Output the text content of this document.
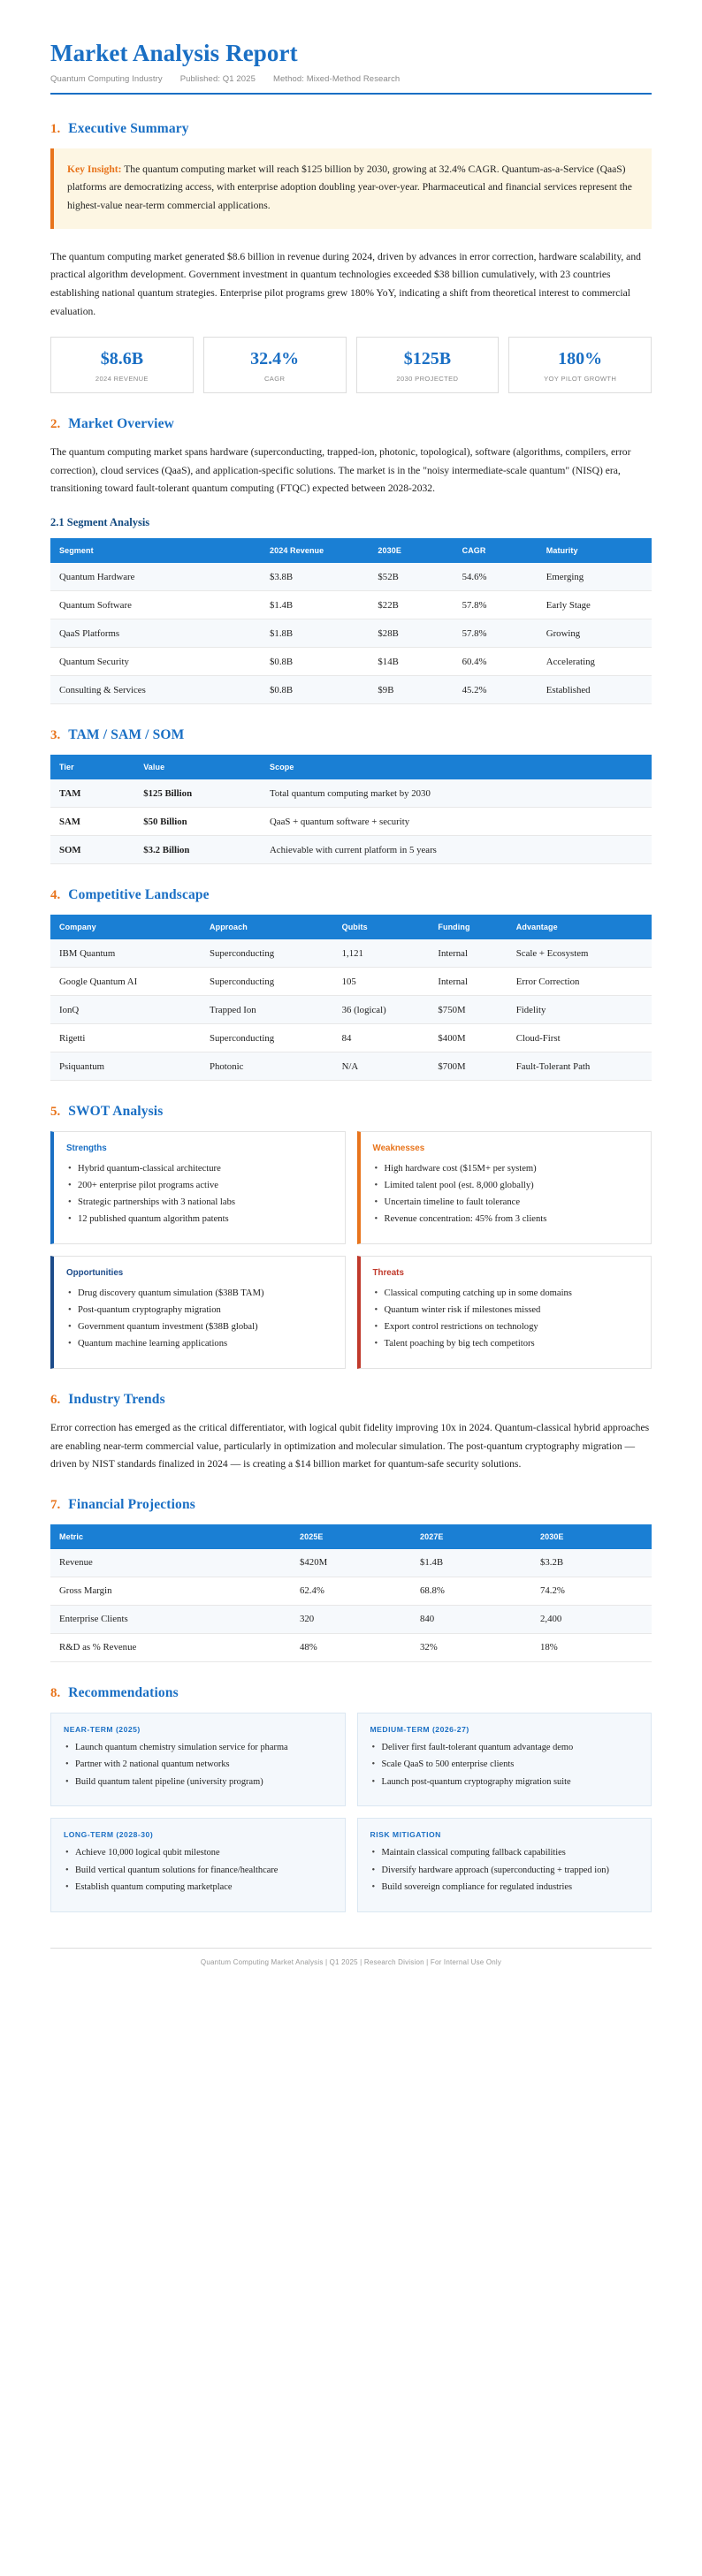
Market Analysis Report
Quantum Computing Industry Published: Q1 2025 Method: Mixed-Method Research
1. Executive Summary
Key Insight: The quantum computing market will reach $125 billion by 2030, growing at 32.4% CAGR. Quantum-as-a-Service (QaaS) platforms are democratizing access, with enterprise adoption doubling year-over-year. Pharmaceutical and financial services represent the highest-value near-term commercial applications.

The quantum computing market generated $8.6 billion in revenue during 2024, driven by advances in error correction, hardware scalability, and practical algorithm development. Government investment in quantum technologies exceeded $38 billion cumulatively, with 23 countries establishing national quantum strategies. Enterprise pilot programs grew 180% YoY, indicating a shift from theoretical interest to commercial evaluation.

$8.6B
2024 REVENUE
32.4%
CAGR
$125B
2030 PROJECTED
180%
YOY PILOT GROWTH
2. Market Overview

The quantum computing market spans hardware (superconducting, trapped-ion, photonic, topological), software (algorithms, compilers, error correction), cloud services (QaaS), and application-specific solutions. The market is in the "noisy intermediate-scale quantum" (NISQ) era, transitioning toward fault-tolerant quantum computing (FTQC) expected between 2028-2032.

2.1 Segment Analysis
Segment	2024 Revenue	2030E	CAGR	Maturity
Quantum Hardware	$3.8B	$52B	54.6%	Emerging
Quantum Software	$1.4B	$22B	57.8%	Early Stage
QaaS Platforms	$1.8B	$28B	57.8%	Growing
Quantum Security	$0.8B	$14B	60.4%	Accelerating
Consulting & Services	$0.8B	$9B	45.2%	Established
3. TAM / SAM / SOM
Tier	Value	Scope
TAM	$125 Billion	Total quantum computing market by 2030
SAM	$50 Billion	QaaS + quantum software + security
SOM	$3.2 Billion	Achievable with current platform in 5 years
4. Competitive Landscape
Company	Approach	Qubits	Funding	Advantage
IBM Quantum	Superconducting	1,121	Internal	Scale + Ecosystem
Google Quantum AI	Superconducting	105	Internal	Error Correction
IonQ	Trapped Ion	36 (logical)	$750M	Fidelity
Rigetti	Superconducting	84	$400M	Cloud-First
Psiquantum	Photonic	N/A	$700M	Fault-Tolerant Path
5. SWOT Analysis
Strengths
• Hybrid quantum-classical architecture
• 200+ enterprise pilot programs active
• Strategic partnerships with 3 national labs
• 12 published quantum algorithm patents
Weaknesses
• High hardware cost ($15M+ per system)
• Limited talent pool (est. 8,000 globally)
• Uncertain timeline to fault tolerance
• Revenue concentration: 45% from 3 clients
Opportunities
• Drug discovery quantum simulation ($38B TAM)
• Post-quantum cryptography migration
• Government quantum investment ($38B global)
• Quantum machine learning applications
Threats
• Classical computing catching up in some domains
• Quantum winter risk if milestones missed
• Export control restrictions on technology
• Talent poaching by big tech competitors
6. Industry Trends

Error correction has emerged as the critical differentiator, with logical qubit fidelity improving 10x in 2024. Quantum-classical hybrid approaches are enabling near-term commercial value, particularly in optimization and molecular simulation. The post-quantum cryptography migration — driven by NIST standards finalized in 2024 — is creating a $14 billion market for quantum-safe security solutions.

7. Financial Projections
Metric	2025E	2027E	2030E
Revenue	$420M	$1.4B	$3.2B
Gross Margin	62.4%	68.8%	74.2%
Enterprise Clients	320	840	2,400
R&D as % Revenue	48%	32%	18%
8. Recommendations
NEAR-TERM (2025)
• Launch quantum chemistry simulation service for pharma
• Partner with 2 national quantum networks
• Build quantum talent pipeline (university program)
MEDIUM-TERM (2026-27)
• Deliver first fault-tolerant quantum advantage demo
• Scale QaaS to 500 enterprise clients
• Launch post-quantum cryptography migration suite
LONG-TERM (2028-30)
• Achieve 10,000 logical qubit milestone
• Build vertical quantum solutions for finance/healthcare
• Establish quantum computing marketplace
RISK MITIGATION
• Maintain classical computing fallback capabilities
• Diversify hardware approach (superconducting + trapped ion)
• Build sovereign compliance for regulated industries
Quantum Computing Market Analysis | Q1 2025 | Research Division | For Internal Use Only
